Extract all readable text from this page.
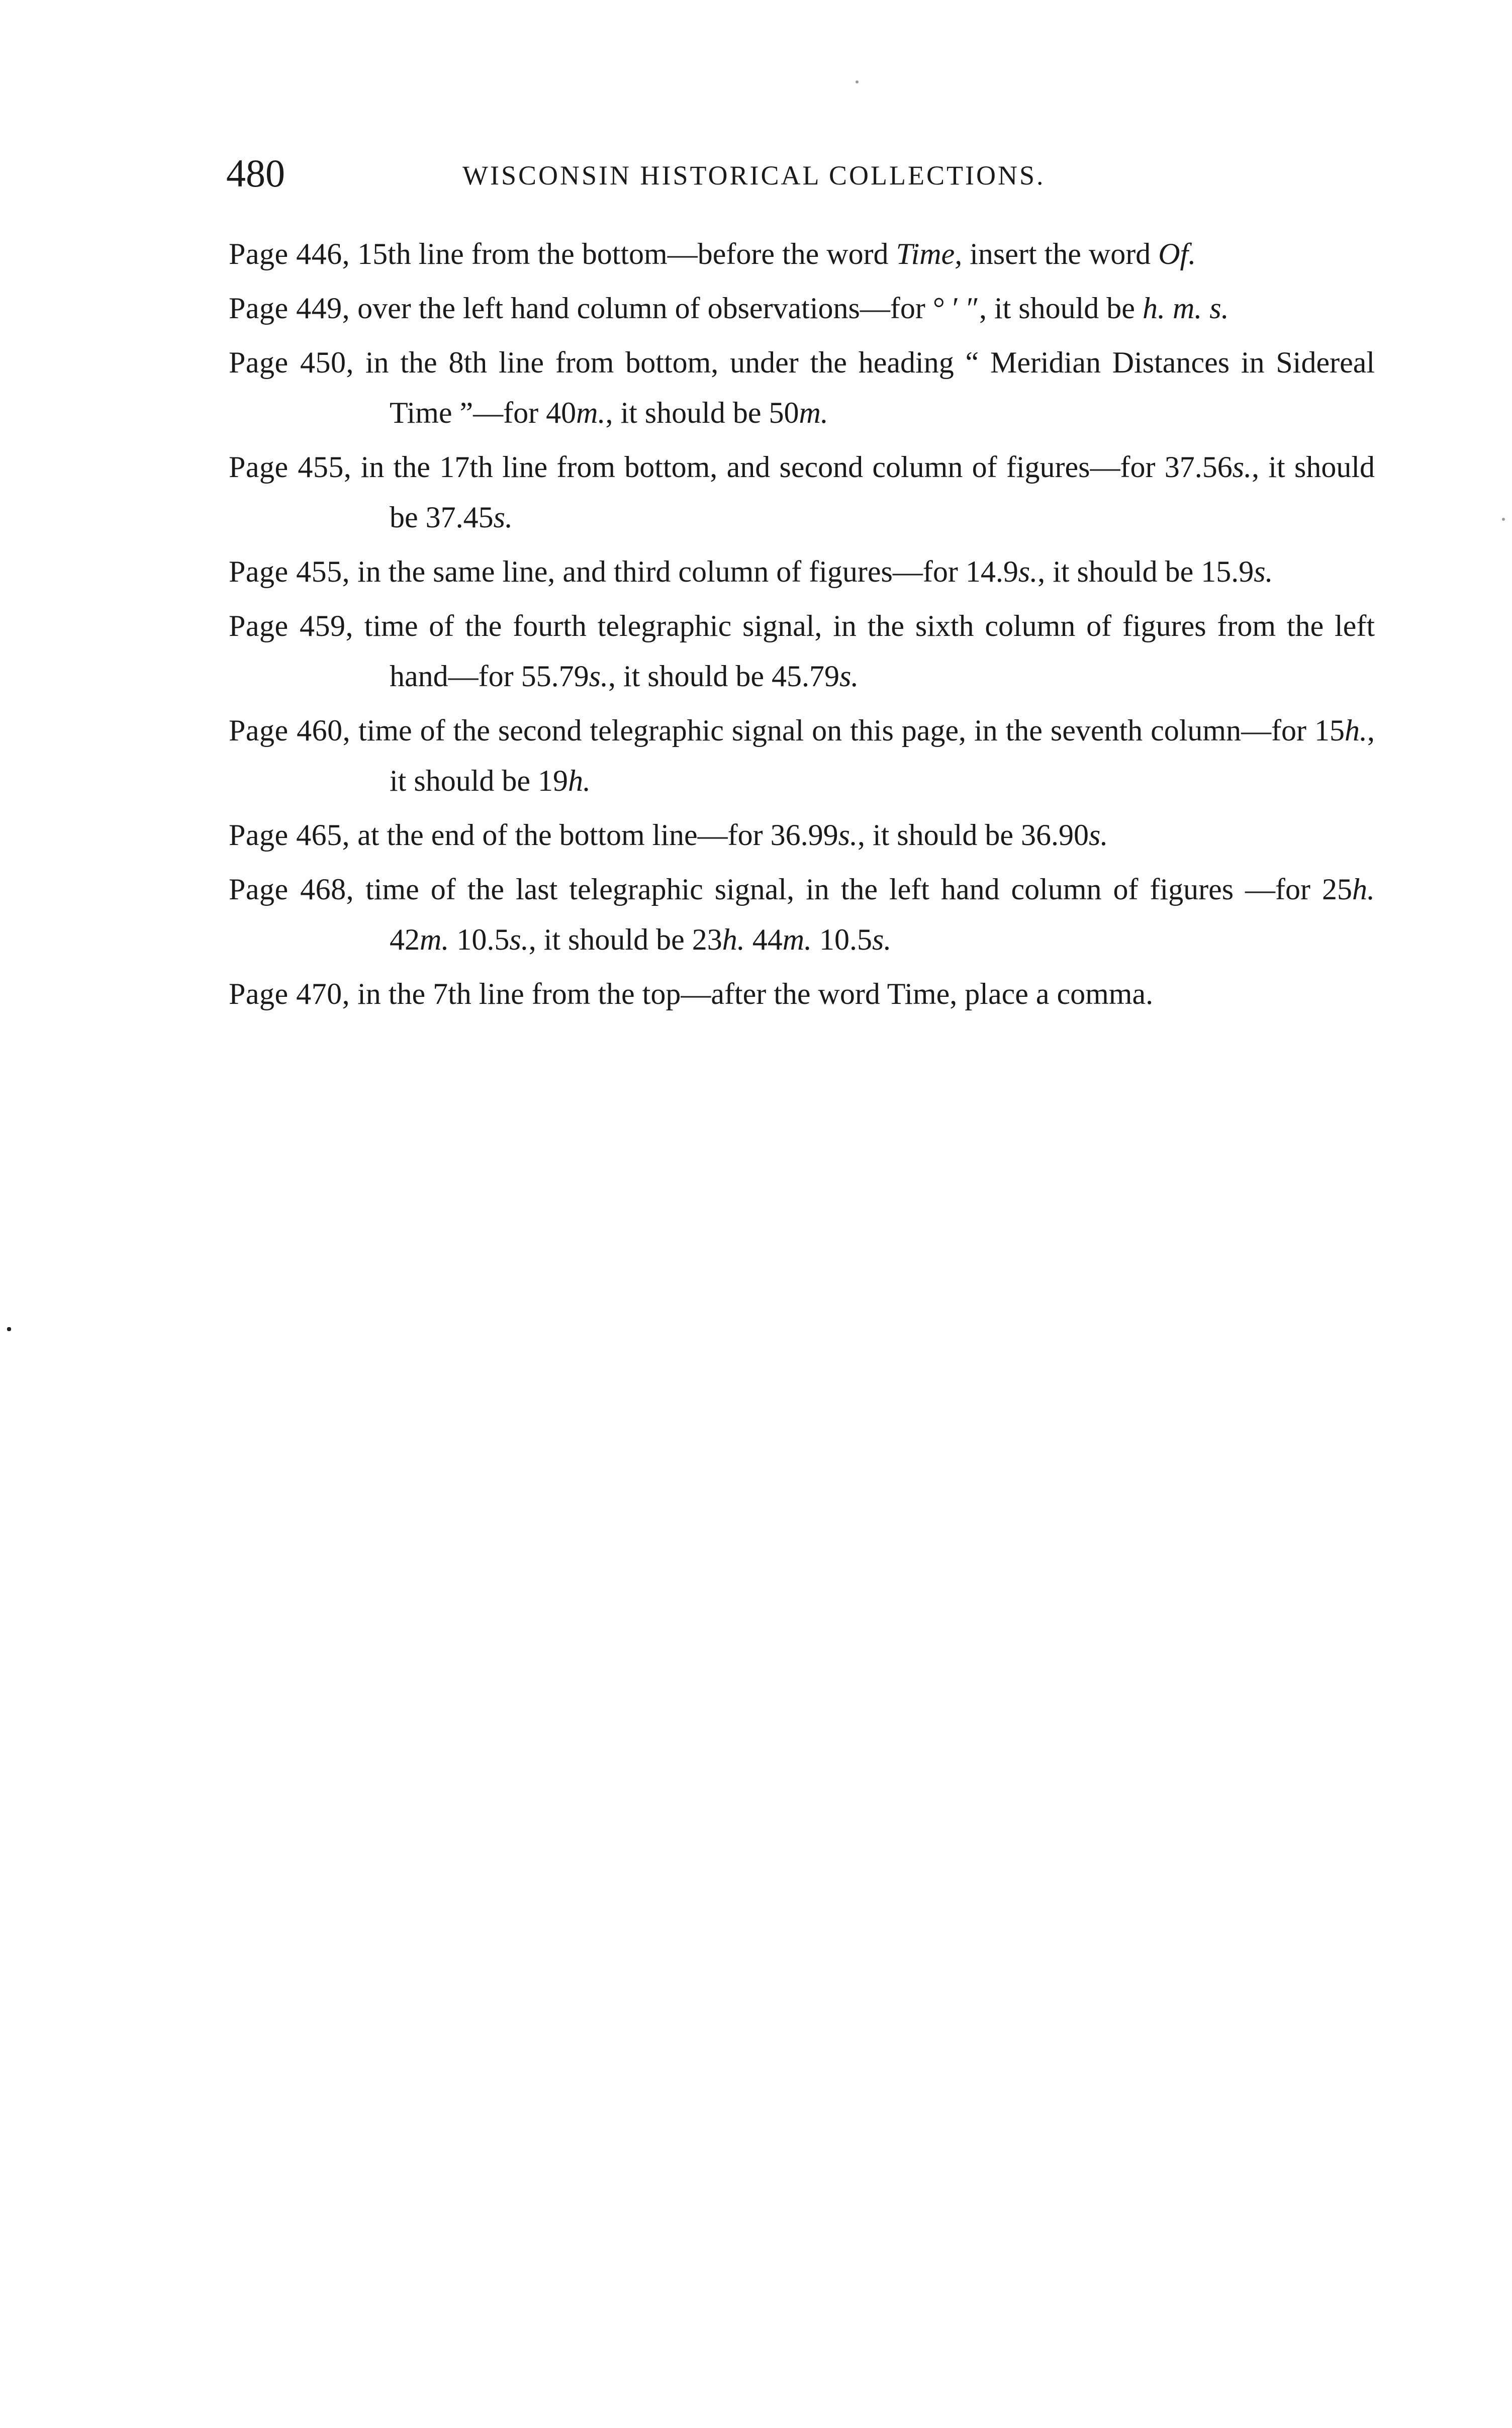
480	WISCONSIN HISTORICAL COLLECTIONS.
Page 446, 15th line from the bottom—before the word Time, insert the word Of.
Page 449, over the left hand column of observations—for ° ′ ″, it should be h. m. s.
Page 450, in the 8th line from bottom, under the heading “ Meridian Distances in Sidereal Time ”—for 40m., it should be 50m.
Page 455, in the 17th line from bottom, and second column of figures—for 37.56s., it should be 37.45s.
Page 455, in the same line, and third column of figures—for 14.9s., it should be 15.9s.
Page 459, time of the fourth telegraphic signal, in the sixth column of figures from the left hand—for 55.79s., it should be 45.79s.
Page 460, time of the second telegraphic signal on this page, in the seventh column—for 15h., it should be 19h.
Page 465, at the end of the bottom line—for 36.99s., it should be 36.90s.
Page 468, time of the last telegraphic signal, in the left hand column of figures —for 25h. 42m. 10.5s., it should be 23h. 44m. 10.5s.
Page 470, in the 7th line from the top—after the word Time, place a comma.
